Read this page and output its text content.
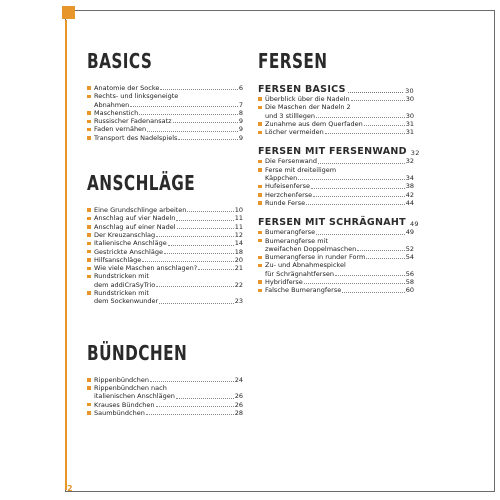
2
BASICS
Anatomie der Socke	6
Rechts- und linksgeneigte
Abnahmen	7
Maschenstich	8
Russischer Fadenansatz	9
Faden vernähen	9
Transport des Nadelspiels	9
ANSCHLÄGE
Eine Grundschlinge arbeiten	10
Anschlag auf vier Nadeln	11
Anschlag auf einer Nadel	11
Der Kreuzanschlag	12
Italienische Anschläge	14
Gestrickte Anschläge	18
Hilfsanschläge	20
Wie viele Maschen anschlagen?	21
Rundstricken mit
dem addiCraSyTrio	22
Rundstricken mit
dem Sockenwunder	23
BÜNDCHEN
Rippenbündchen	24
Rippenbündchen nach
italienischen Anschlägen	26
Krauses Bündchen	26
Saumbündchen	28
FERSEN
FERSEN BASICS	30
Überblick über die Nadeln	30
Die Maschen der Nadeln 2
und 3 stilllegen	30
Zunahme aus dem Querfaden	31
Löcher vermeiden	31
FERSEN MIT FERSENWAND 32
Die Fersenwand	32
Ferse mit dreiteiligem
Käppchen	34
Hufeisenferse	38
Herzchenferse	42
Runde Ferse	44
FERSEN MIT SCHRÄGNAHT 49
Bumerangferse	49
Bumerangferse mit
zweifachen Doppelmaschen	52
Bumerangferse in runder Form	54
Zu- und Abnahmespickel
für Schrägnahtfersen	56
Hybridferse	58
Falsche Bumerangferse	60
